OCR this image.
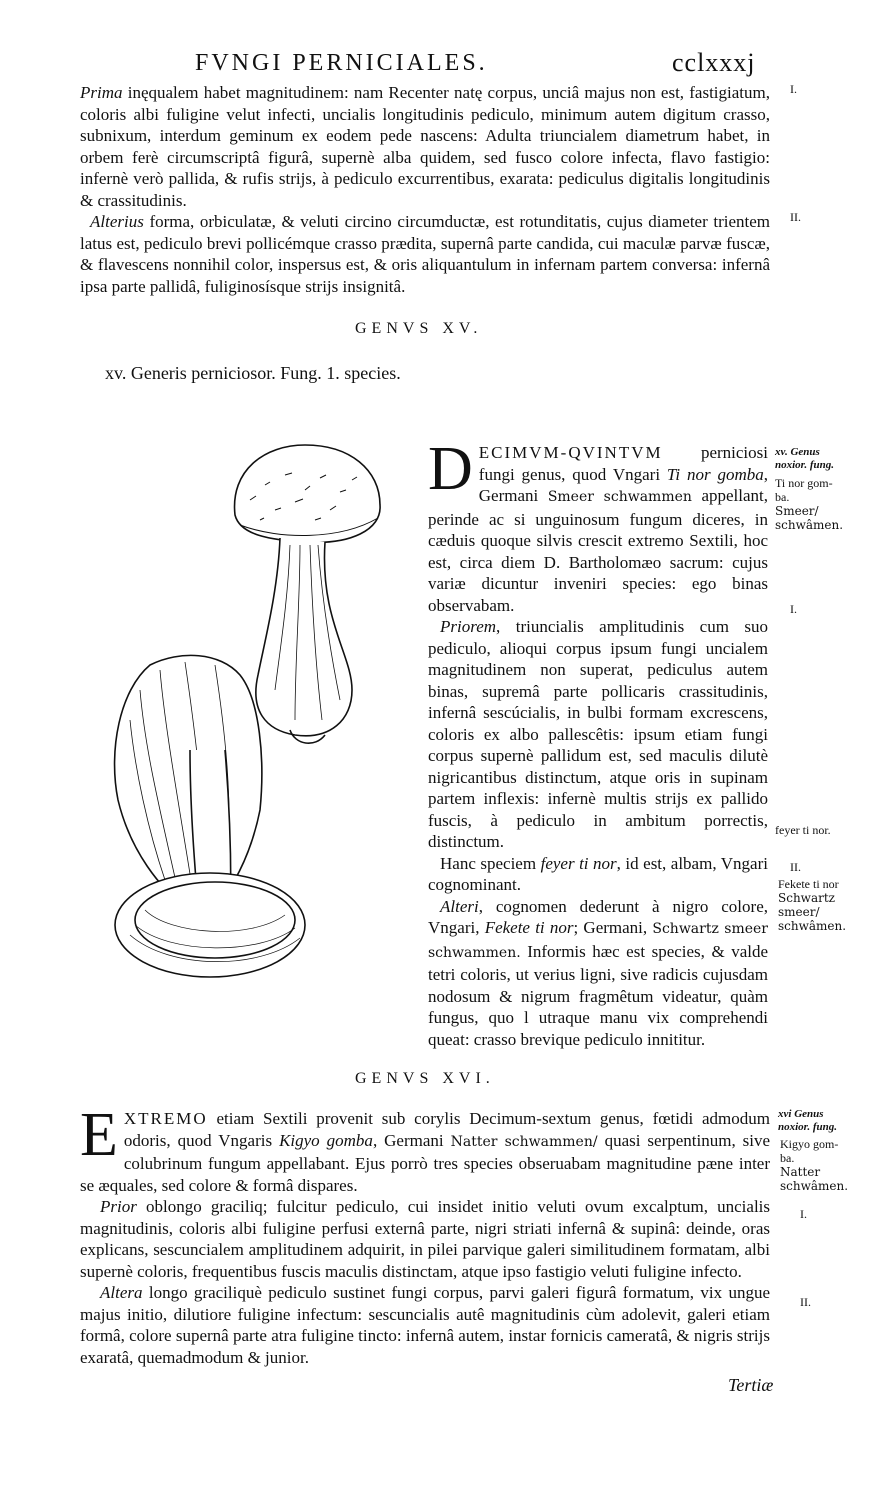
FVNGI PERNICIALES.	cclxxxj

Prima inęqualem habet magnitudinem: nam Recenter natę corpus, unciâ majus non est, fastigiatum, coloris albi fuligine velut infecti, uncialis longitudinis pediculo, minimum autem digitum crasso, subnixum, interdum geminum ex eodem pede nascens: Adulta triuncialem diametrum habet, in orbem ferè circumscriptâ figurâ, supernè alba quidem, sed fusco colore infecta, flavo fastigio: infernè verò pallida, & rufis strijs, à pediculo excurrentibus, exarata: pediculus digitalis longitudinis & crassitudinis.

Alterius forma, orbiculatæ, & veluti circino circumductæ, est rotunditatis, cujus diameter trientem latus est, pediculo brevi pollicémque crasso prædita, supernâ parte candida, cui maculæ parvæ fuscæ, & flavescens nonnihil color, inspersus est, & oris aliquantulum in infernam partem conversa: infernâ ipsa parte pallidâ, fuliginosísque strijs insignitâ.

I.
II.
GENVS XV.
xv. Generis perniciosor. Fung. 1. species.

DECIMVM-QVINTVM perniciosi fungi genus, quod Vngari Ti nor gomba, Germani Smeer schwammen appellant, perinde ac si unguinosum fungum diceres, in cæduis quoque silvis crescit extremo Sextili, hoc est, circa diem D. Bartholomæo sacrum: cujus variæ dicuntur inveniri species: ego binas observabam.

Priorem, triuncialis amplitudinis cum suo pediculo, alioqui corpus ipsum fungi uncialem magnitudinem non superat, pediculus autem binas, supremâ parte pollicaris crassitudinis, infernâ sescúcialis, in bulbi formam excrescens, coloris ex albo pallescêtis: ipsum etiam fungi corpus supernè pallidum est, sed maculis dilutè nigricantibus distinctum, atque oris in supinam partem inflexis: infernè multis strijs ex pallido fuscis, à pediculo in ambitum porrectis, distinctum.

Hanc speciem feyer ti nor, id est, albam, Vngari cognominant.

Alteri, cognomen dederunt à nigro colore, Vngari, Fekete ti nor; Germani, Schwartz smeer schwammen. Informis hæc est species, & valde tetri coloris, ut verius ligni, sive radicis cujusdam nodosum & nigrum fragmêtum videatur, quàm fungus, quo l utraque manu vix comprehendi queat: crasso brevique pediculo innititur.

xv. Genus
noxior. fung.
Ti nor gom-
ba.
Smeer/
schwâmen.
I.
feyer ti nor.
II.
Fekete ti nor
Schwartz
smeer/
schwâmen.
GENVS XVI.

EXTREMO etiam Sextili provenit sub corylis Decimum-sextum genus, fœtidi admodum odoris, quod Vngaris Kigyo gomba, Germani Natter schwammen/ quasi serpentinum, sive colubrinum fungum appellabant. Ejus porrò tres species obseruabam magnitudine pæne inter se æquales, sed colore & formâ dispares.

Prior oblongo graciliq; fulcitur pediculo, cui insidet initio veluti ovum excalptum, uncialis magnitudinis, coloris albi fuligine perfusi externâ parte, nigri striati infernâ & supinâ: deinde, oras explicans, sescuncialem amplitudinem adquirit, in pilei parvique galeri similitudinem formatam, albi supernè coloris, frequentibus fuscis maculis distinctam, atque ipso fastigio veluti fuligine infecto.

Altera longo graciliquè pediculo sustinet fungi corpus, parvi galeri figurâ formatum, vix ungue majus initio, dilutiore fuligine infectum: sescuncialis autê magnitudinis cùm adolevit, galeri etiam formâ, colore supernâ parte atra fuligine tincto: infernâ autem, instar fornicis cameratâ, & nigris strijs exaratâ, quemadmodum & junior.

xvi Genus
noxior. fung.
Kigyo gom-
ba.
Natter
schwâmen.
I.
II.
Tertiæ
